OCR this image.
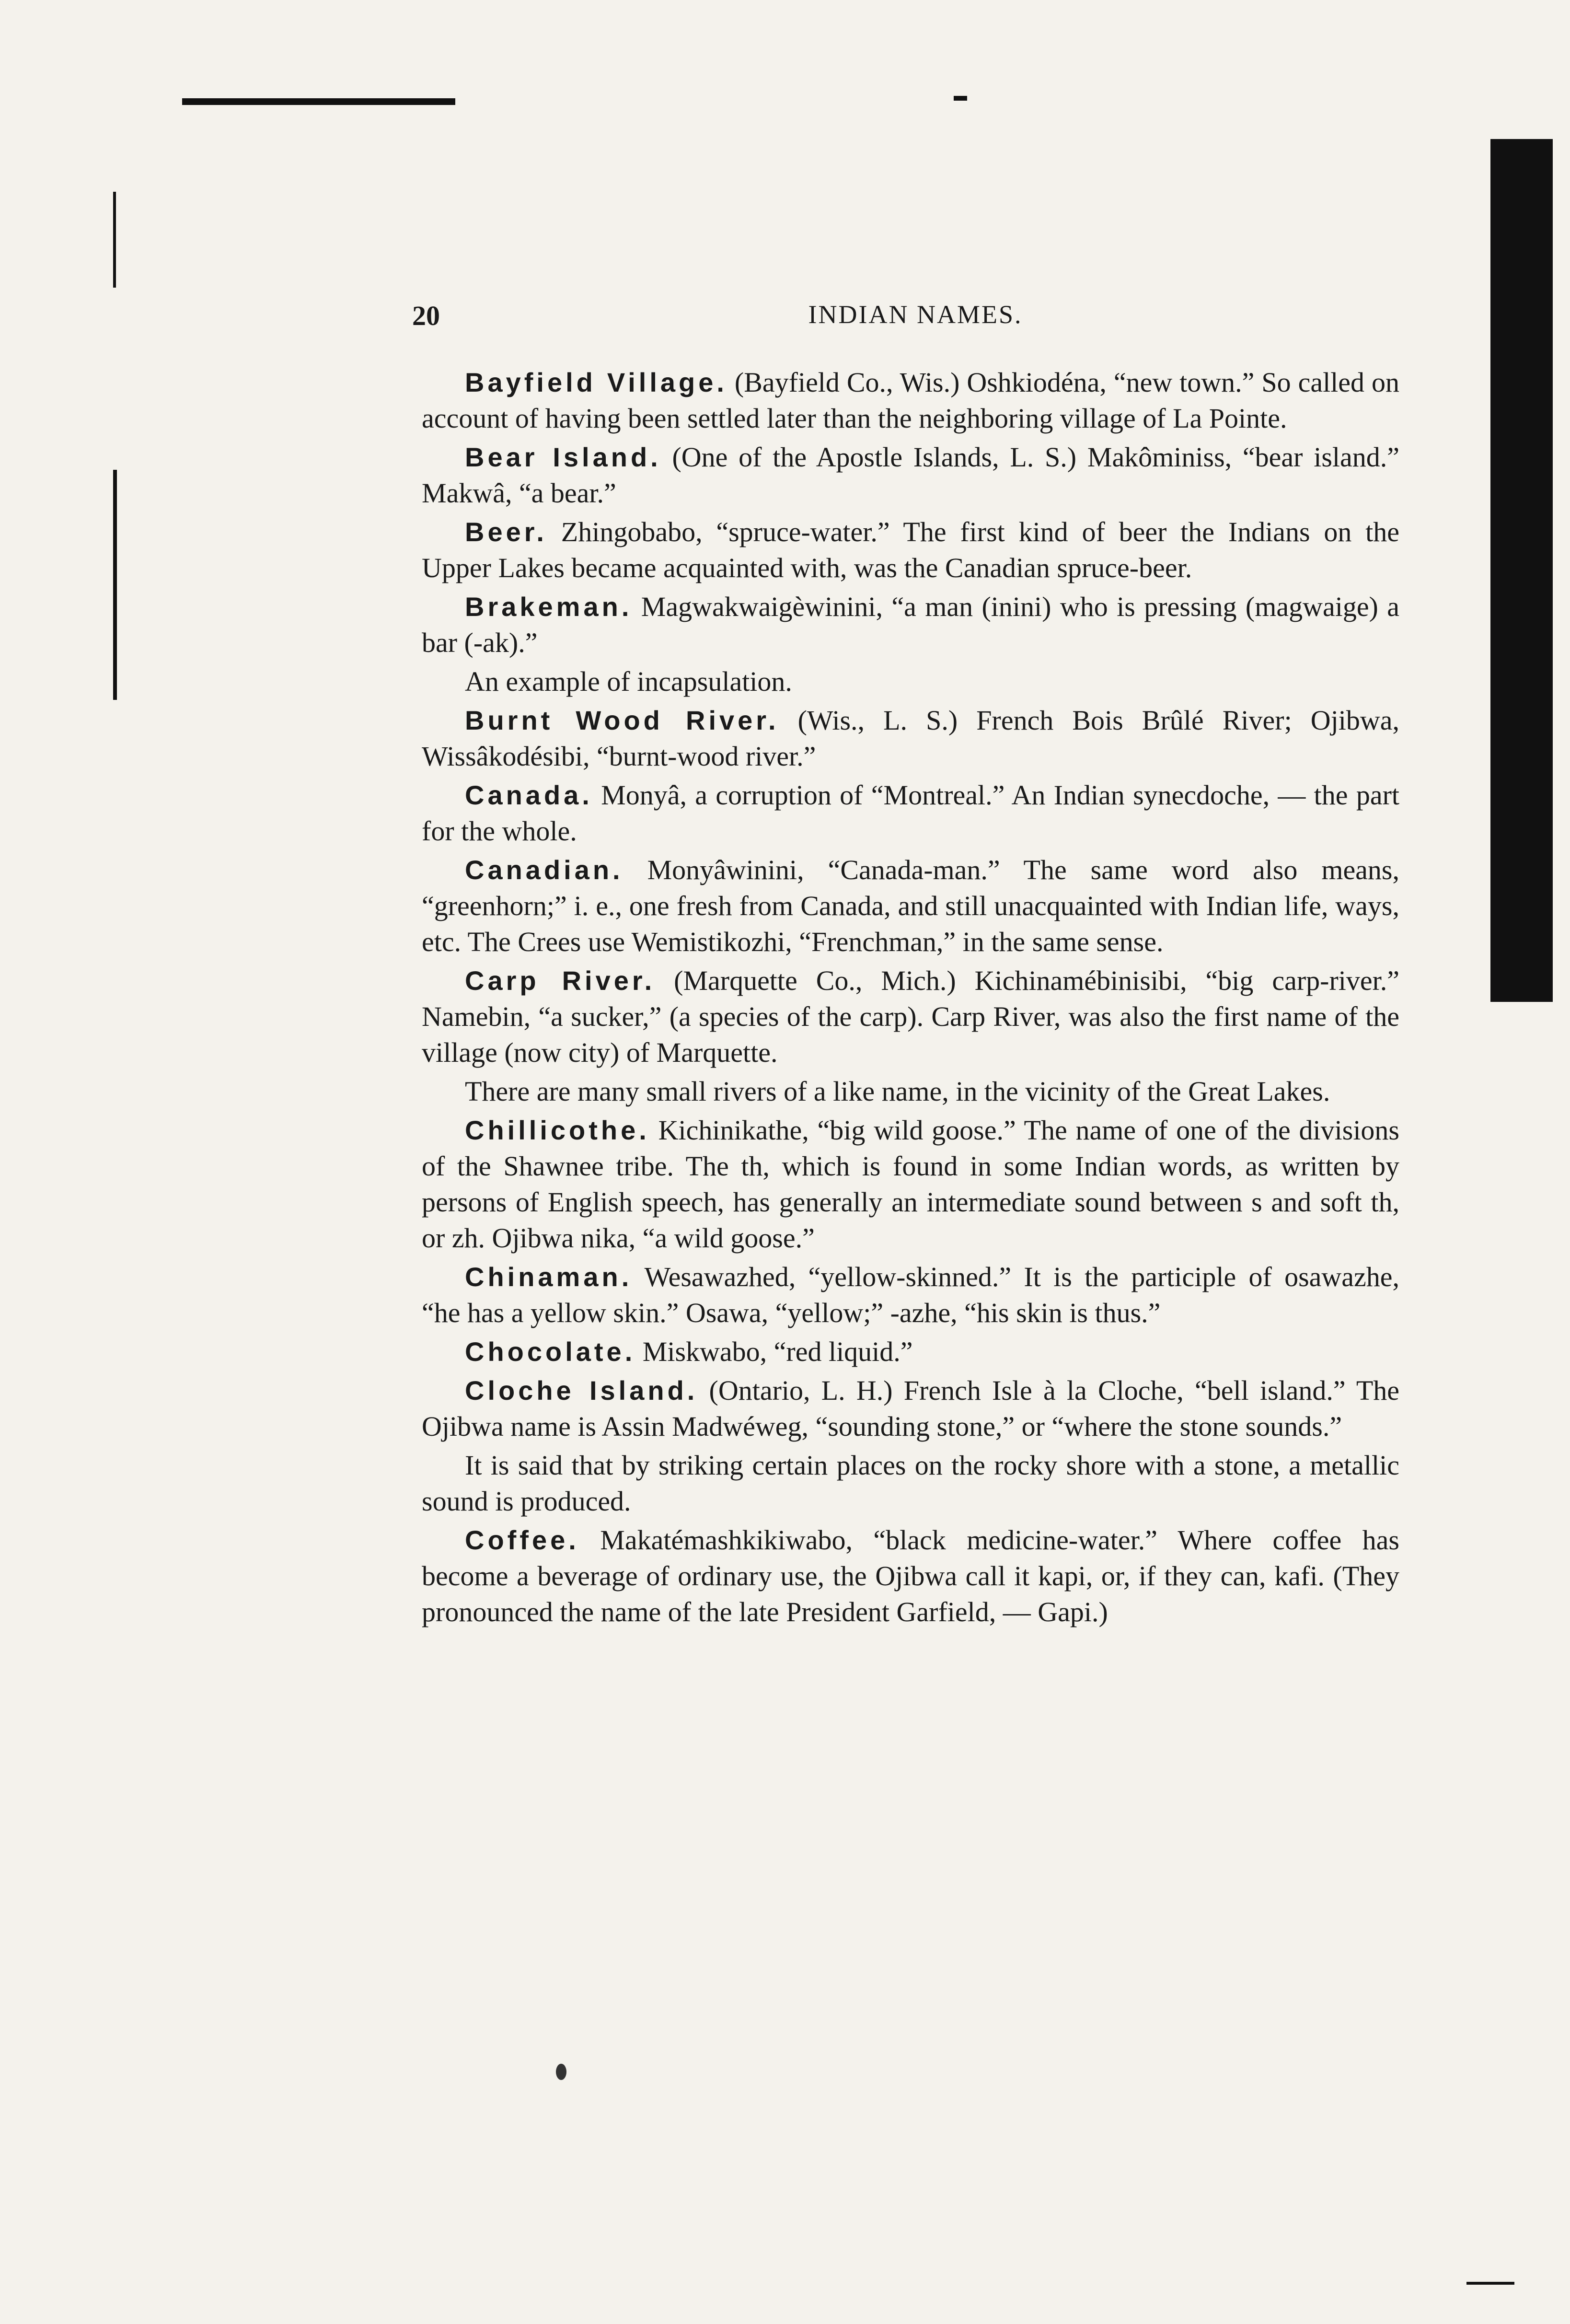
20	INDIAN NAMES.

Bayfield Village. (Bayfield Co., Wis.) Oshkiodéna, “new town.” So called on account of having been settled later than the neighboring village of La Pointe.

Bear Island. (One of the Apostle Islands, L. S.) Makôminiss, “bear island.” Makwâ, “a bear.”

Beer. Zhingobabo, “spruce-water.” The first kind of beer the Indians on the Upper Lakes became acquainted with, was the Canadian spruce-beer.

Brakeman. Magwakwaigèwinini, “a man (inini) who is pressing (magwaige) a bar (-ak).”

An example of incapsulation.

Burnt Wood River. (Wis., L. S.) French Bois Brûlé River; Ojibwa, Wissâkodésibi, “burnt-wood river.”

Canada. Monyâ, a corruption of “Montreal.” An Indian synecdoche, — the part for the whole.

Canadian. Monyâwinini, “Canada-man.” The same word also means, “greenhorn;” i. e., one fresh from Canada, and still unacquainted with Indian life, ways, etc. The Crees use Wemistikozhi, “Frenchman,” in the same sense.

Carp River. (Marquette Co., Mich.) Kichinamébinisibi, “big carp-river.” Namebin, “a sucker,” (a species of the carp). Carp River, was also the first name of the village (now city) of Marquette.

There are many small rivers of a like name, in the vicinity of the Great Lakes.

Chillicothe. Kichinikathe, “big wild goose.” The name of one of the divisions of the Shawnee tribe. The th, which is found in some Indian words, as written by persons of English speech, has generally an intermediate sound between s and soft th, or zh. Ojibwa nika, “a wild goose.”

Chinaman. Wesawazhed, “yellow-skinned.” It is the participle of osawazhe, “he has a yellow skin.” Osawa, “yellow;” -azhe, “his skin is thus.”

Chocolate. Miskwabo, “red liquid.”

Cloche Island. (Ontario, L. H.) French Isle à la Cloche, “bell island.” The Ojibwa name is Assin Madwéweg, “sounding stone,” or “where the stone sounds.”

It is said that by striking certain places on the rocky shore with a stone, a metallic sound is produced.

Coffee. Makatémashkikiwabo, “black medicine-water.” Where coffee has become a beverage of ordinary use, the Ojibwa call it kapi, or, if they can, kafi. (They pronounced the name of the late President Garfield, — Gapi.)
